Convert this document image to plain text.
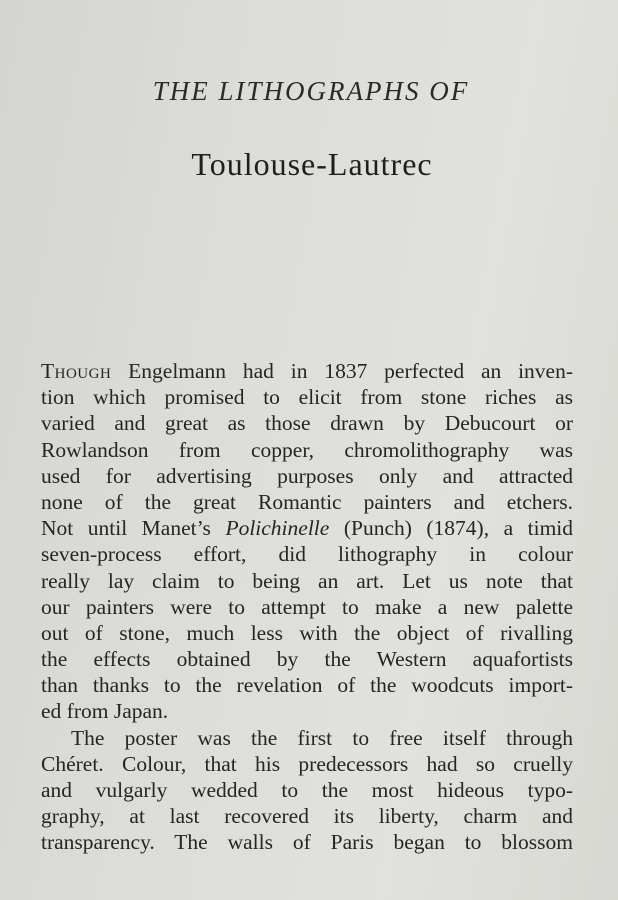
THE LITHOGRAPHS OF
Toulouse-Lautrec
Though Engelmann had in 1837 perfected an inven-
tion which promised to elicit from stone riches as
varied and great as those drawn by Debucourt or
Rowlandson from copper, chromolithography was
used for advertising purposes only and attracted
none of the great Romantic painters and etchers.
Not until Manet’s Polichinelle (Punch) (1874), a timid
seven-process effort, did lithography in colour
really lay claim to being an art. Let us note that
our painters were to attempt to make a new palette
out of stone, much less with the object of rivalling
the effects obtained by the Western aquafortists
than thanks to the revelation of the woodcuts import-
ed from Japan.
The poster was the first to free itself through
Chéret. Colour, that his predecessors had so cruelly
and vulgarly wedded to the most hideous typo-
graphy, at last recovered its liberty, charm and
transparency. The walls of Paris began to blossom
